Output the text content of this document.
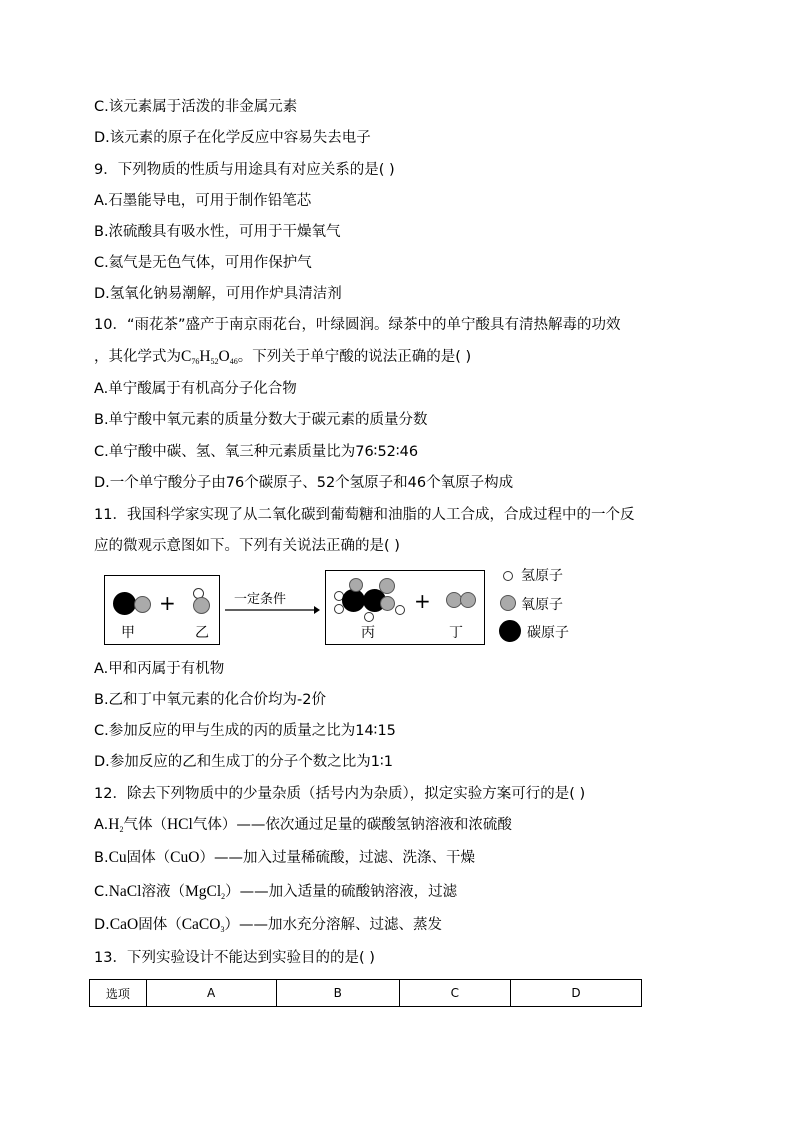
C.该元素属于活泼的非金属元素
D.该元素的原子在化学反应中容易失去电子
9．下列物质的性质与用途具有对应关系的是( )
A.石墨能导电，可用于制作铅笔芯
B.浓硫酸具有吸水性，可用于干燥氧气
C.氦气是无色气体，可用作保护气
D.氢氧化钠易潮解，可用作炉具清洁剂
10．“雨花茶”盛产于南京雨花台，叶绿圆润。绿茶中的单宁酸具有清热解毒的功效
，其化学式为$C_{76}H_{52}O_{46}$。下列关于单宁酸的说法正确的是( )
A.单宁酸属于有机高分子化合物
B.单宁酸中氧元素的质量分数大于碳元素的质量分数
C.单宁酸中碳、氢、氧三种元素质量比为76∶52∶46
D.一个单宁酸分子由76个碳原子、52个氢原子和46个氧原子构成
11．我国科学家实现了从二氧化碳到葡萄糖和油脂的人工合成，合成过程中的一个反
应的微观示意图如下。下列有关说法正确的是( )
+
甲	乙
一定条件	+
丙	丁
氢原子
氧原子
碳原子
A.甲和丙属于有机物
B.乙和丁中氧元素的化合价均为-2价
C.参加反应的甲与生成的丙的质量之比为14∶15
D.参加反应的乙和生成丁的分子个数之比为1∶1
12．除去下列物质中的少量杂质（括号内为杂质），拟定实验方案可行的是( )
$A.H_2$气体（HCl气体）——依次通过足量的碳酸氢钠溶液和浓硫酸
B.Cu固体（CuO）——加入过量稀硫酸，过滤、洗涤、干燥
C.NaCl溶液（MgCl$_2$）——加入适量的硫酸钠溶液，过滤
D.CaO固体（CaCO$_3$）——加水充分溶解、过滤、蒸发
13．下列实验设计不能达到实验目的的是( )
选项	A	B	C	D
